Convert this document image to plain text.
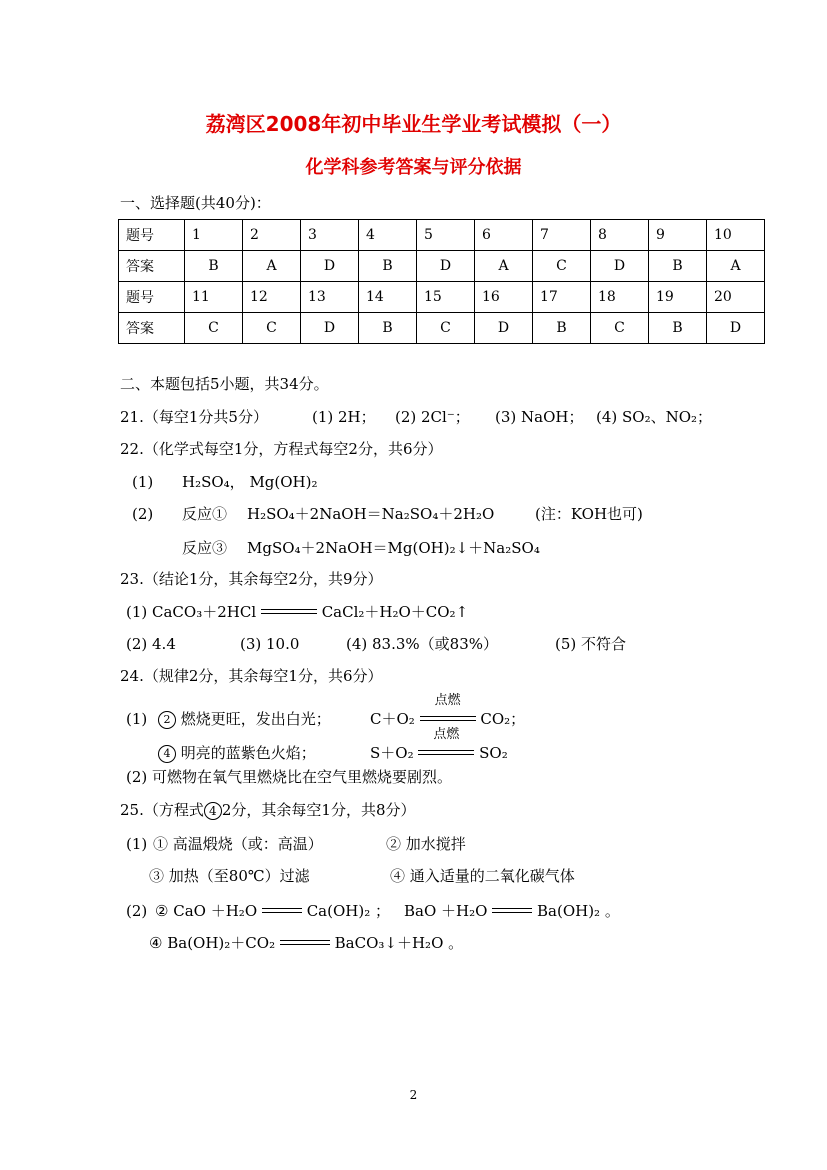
荔湾区2008年初中毕业生学业考试模拟（一）
化学科参考答案与评分依据
一、选择题(共40分)：
题号	1	2	3	4	5	6	7	8	9	10
答案	B	A	D	B	D	A	C	D	B	A
题号	11	12	13	14	15	16	17	18	19	20
答案	C	C	D	B	C	D	B	C	B	D
二、本题包括5小题，共34分。
21.（每空1分共5分）	(1) 2H； (2) 2Cl⁻； (3) NaOH； (4) SO₂、NO₂；
22.（化学式每空1分，方程式每空2分，共6分）
(1) H₂SO₄， Mg(OH)₂
(2) 反应① H₂SO₄＋2NaOH＝Na₂SO₄＋2H₂O	(注：KOH也可)
反应③ MgSO₄＋2NaOH＝Mg(OH)₂↓＋Na₂SO₄
23.（结论1分，其余每空2分，共9分）
(1) CaCO₃＋2HCl	CaCl₂＋H₂O＋CO₂↑
(2) 4.4	(3) 10.0	(4) 83.3%（或83%）	(5) 不符合
24.（规律2分，其余每空1分，共6分）
(1)	2 燃烧更旺，发出白光；	C＋O₂
点燃
CO₂；
4 明亮的蓝紫色火焰；	S＋O₂
点燃
SO₂
(2) 可燃物在氧气里燃烧比在空气里燃烧要剧烈。
25.（方程式 4 2分，其余每空1分，共8分）
(1) ① 高温煅烧（或：高温）	② 加水搅拌
③ 加热（至80℃）过滤	④ 通入适量的二氧化碳气体
(2) ② CaO ＋H₂O	Ca(OH)₂ ； BaO ＋H₂O	Ba(OH)₂ 。
④ Ba(OH)₂＋CO₂	BaCO₃↓＋H₂O 。
2
